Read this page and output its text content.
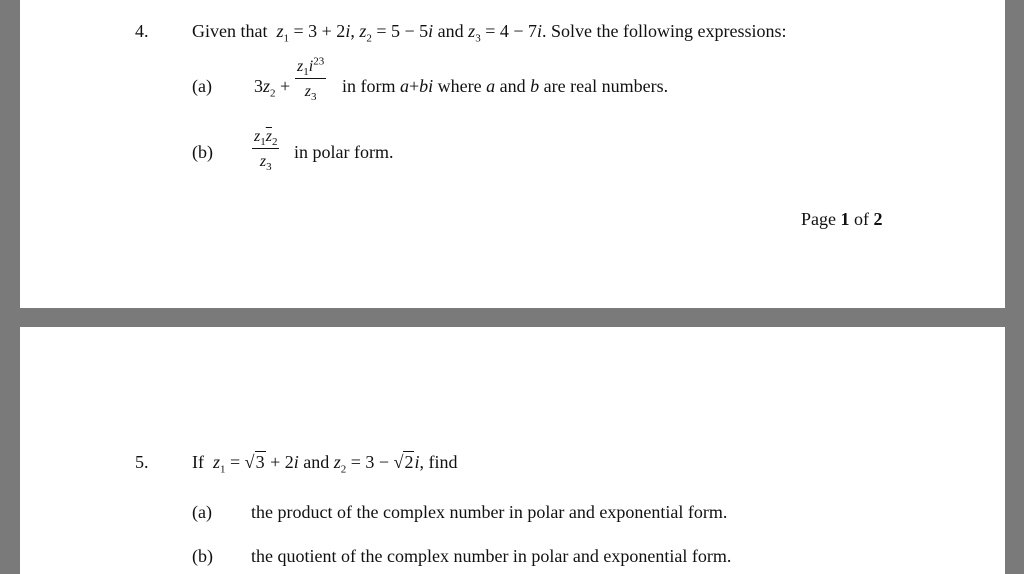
4. Given that $z_1 = 3 + 2i$, $z_2 = 5 - 5i$ and $z_3 = 4 - 7i$. Solve the following expressions:
(a) $3z_2 + \frac{z_1i^{23}}{z_3}$ in form a+bi where a and b are real numbers.
$(b) \frac{z_1\overline{z}_2}{z_3}$ in polar form.
Page 1 of 2
5. If $z_1 = √3 + 2i$ and $z_2 = 3 - √2i$, find
(a) the product of the complex number in polar and exponential form.
(b) the quotient of the complex number in polar and exponential form.
